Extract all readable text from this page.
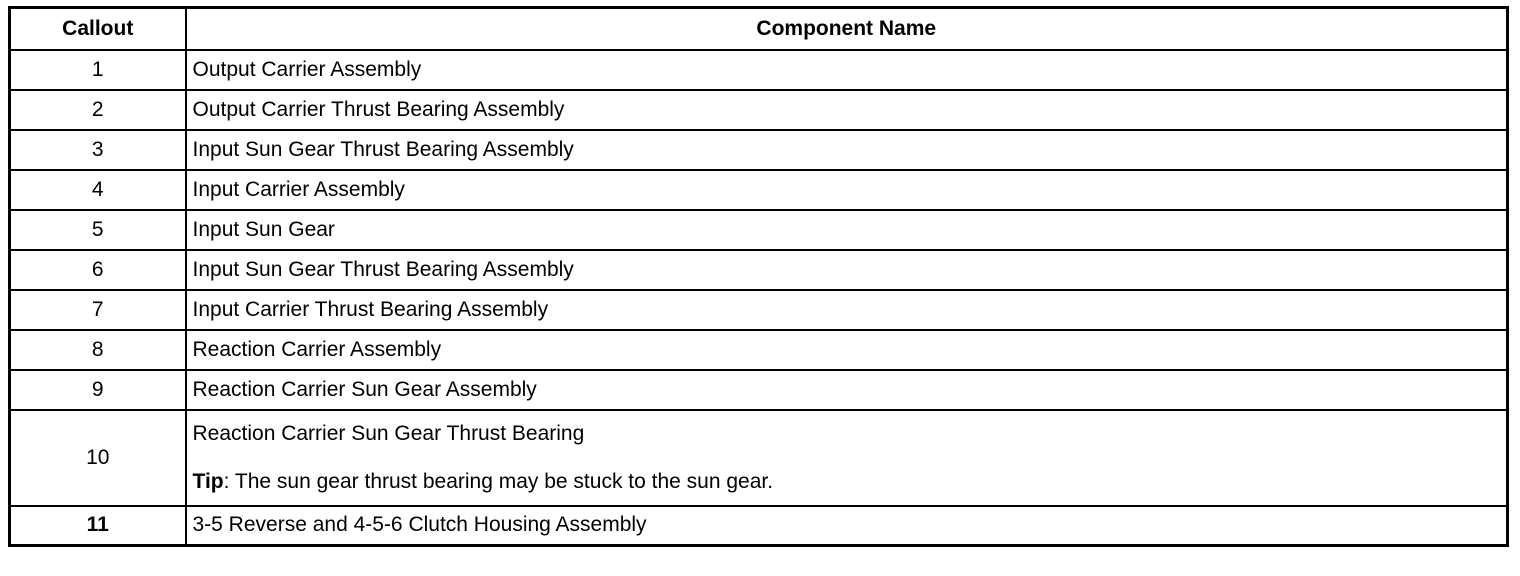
Callout	Component Name
1	Output Carrier Assembly
2	Output Carrier Thrust Bearing Assembly
3	Input Sun Gear Thrust Bearing Assembly
4	Input Carrier Assembly
5	Input Sun Gear
6	Input Sun Gear Thrust Bearing Assembly
7	Input Carrier Thrust Bearing Assembly
8	Reaction Carrier Assembly
9	Reaction Carrier Sun Gear Assembly
10	Reaction Carrier Sun Gear Thrust Bearing
Tip: The sun gear thrust bearing may be stuck to the sun gear.

11	3-5 Reverse and 4-5-6 Clutch Housing Assembly
